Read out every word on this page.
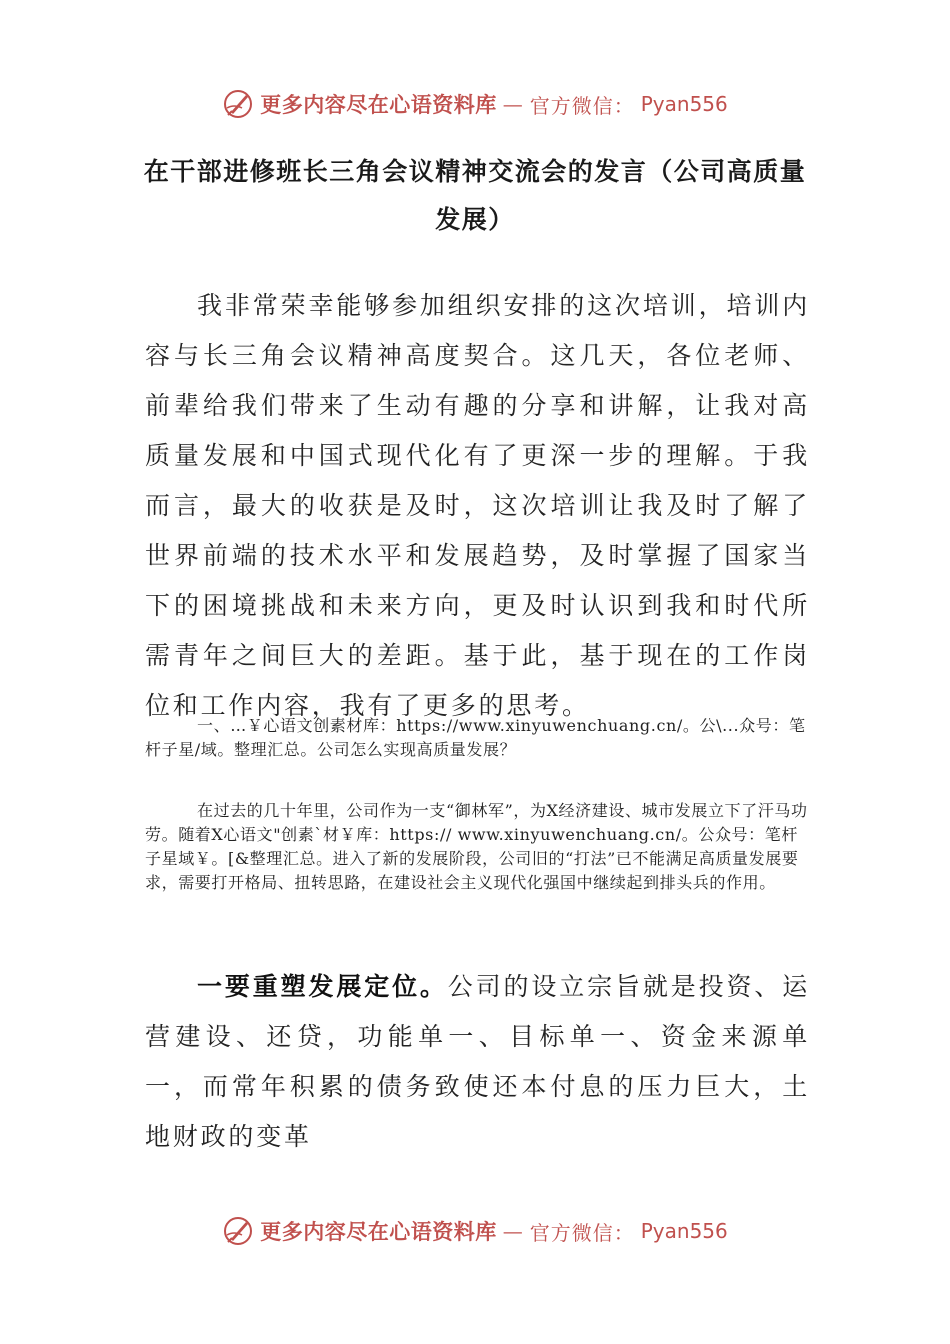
更多内容尽在心语资料库 — 官方微信： Pyan556
在干部进修班长三角会议精神交流会的发言（公司高质量发展）

我非常荣幸能够参加组织安排的这次培训，培训内容与长三角会议精神高度契合。这几天，各位老师、前辈给我们带来了生动有趣的分享和讲解，让我对高质量发展和中国式现代化有了更深一步的理解。于我而言，最大的收获是及时，这次培训让我及时了解了世界前端的技术水平和发展趋势，及时掌握了国家当下的困境挑战和未来方向，更及时认识到我和时代所需青年之间巨大的差距。基于此，基于现在的工作岗位和工作内容，我有了更多的思考。

一、…￥心语文创素材库：https://www.xinyuwenchuang.cn/。公\...众号：笔杆子星/域。整理汇总。公司怎么实现高质量发展？

在过去的几十年里，公司作为一支“御林军”，为X经济建设、城市发展立下了汗马功劳。随着X心语文"创素`材￥库：https:// www.xinyuwenchuang.cn/。公众号：笔杆子星域￥。[&整理汇总。进入了新的发展阶段，公司旧的“打法”已不能满足高质量发展要求，需要打开格局、扭转思路，在建设社会主义现代化强国中继续起到排头兵的作用。

一要重塑发展定位。公司的设立宗旨就是投资、运营建设、还贷，功能单一、目标单一、资金来源单一，而常年积累的债务致使还本付息的压力巨大，土地财政的变革

更多内容尽在心语资料库 — 官方微信： Pyan556
